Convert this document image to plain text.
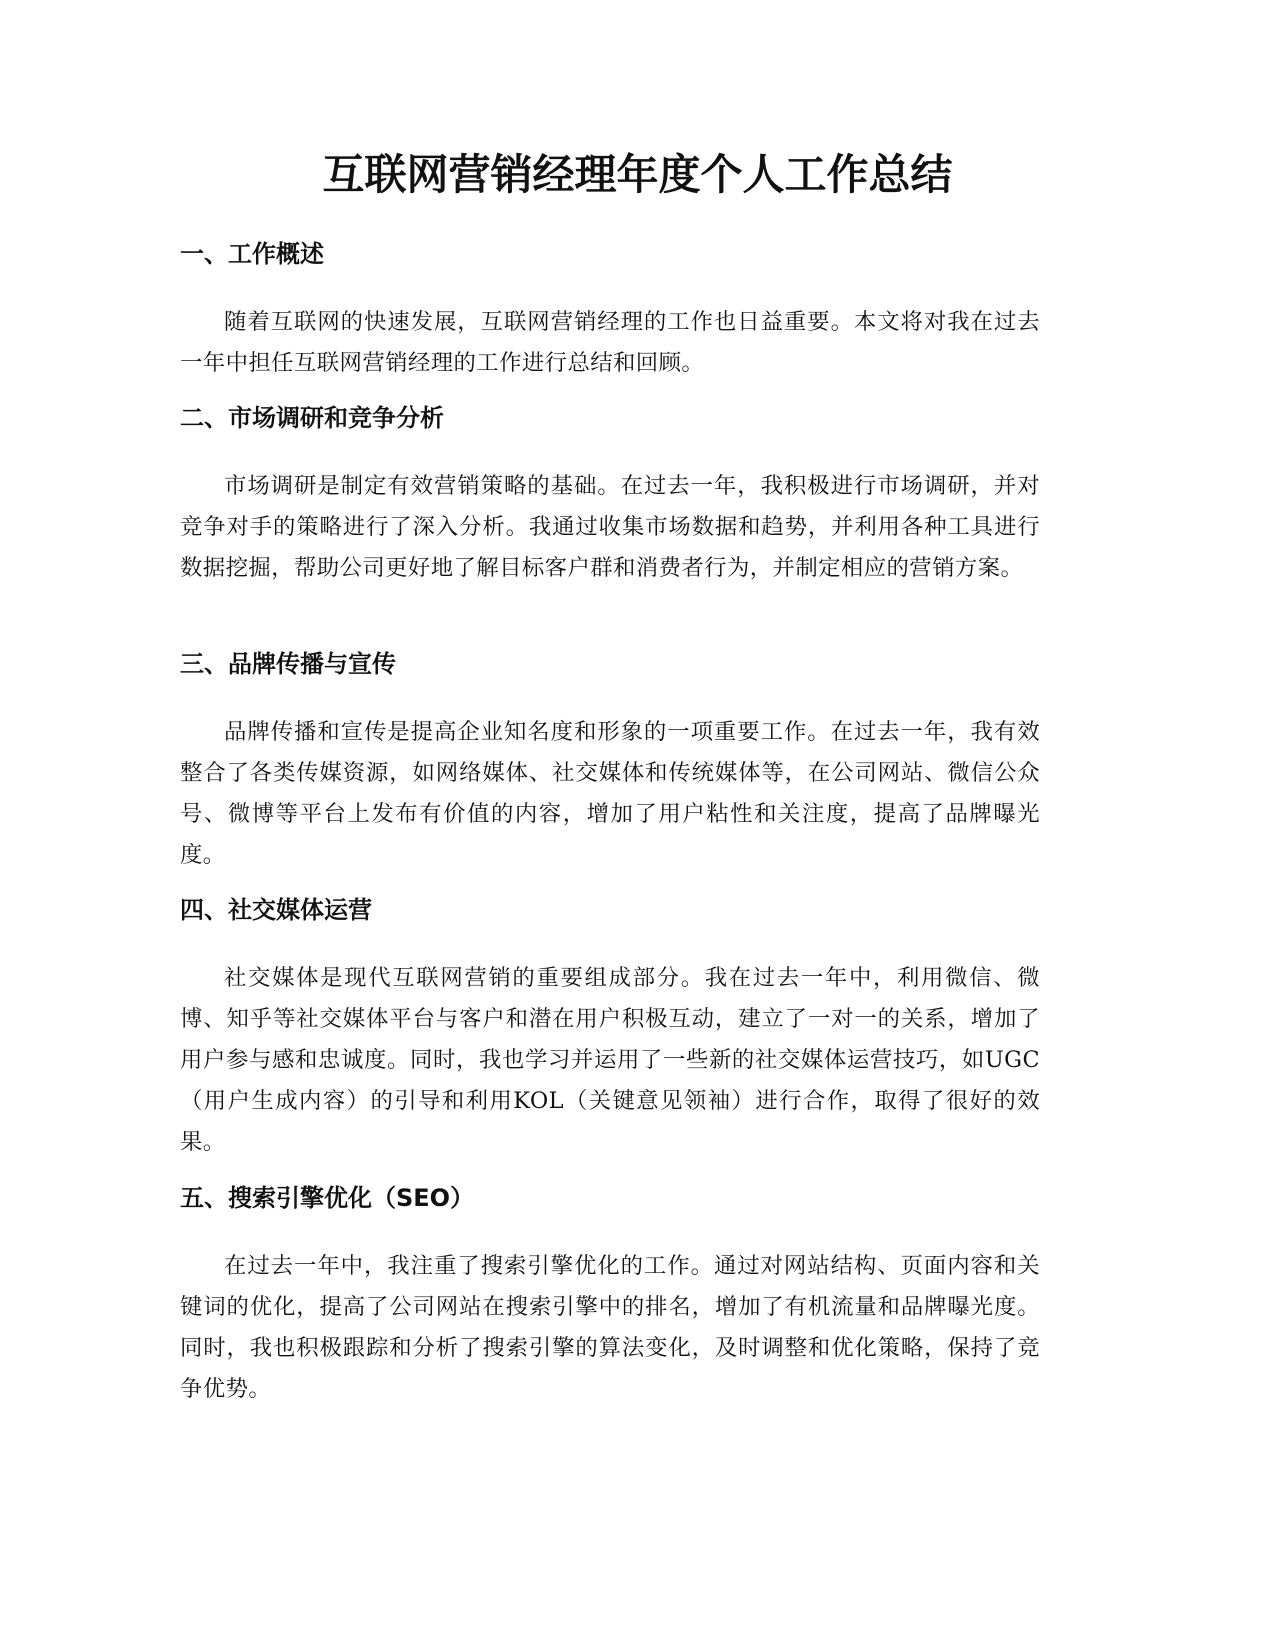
互联网营销经理年度个人工作总结
一、工作概述

随着互联网的快速发展，互联网营销经理的工作也日益重要。本文将对我在过去一年中担任互联网营销经理的工作进行总结和回顾。

二、市场调研和竞争分析

市场调研是制定有效营销策略的基础。在过去一年，我积极进行市场调研，并对竞争对手的策略进行了深入分析。我通过收集市场数据和趋势，并利用各种工具进行数据挖掘，帮助公司更好地了解目标客户群和消费者行为，并制定相应的营销方案。

三、品牌传播与宣传

品牌传播和宣传是提高企业知名度和形象的一项重要工作。在过去一年，我有效整合了各类传媒资源，如网络媒体、社交媒体和传统媒体等，在公司网站、微信公众号、微博等平台上发布有价值的内容，增加了用户粘性和关注度，提高了品牌曝光度。

四、社交媒体运营

社交媒体是现代互联网营销的重要组成部分。我在过去一年中，利用微信、微博、知乎等社交媒体平台与客户和潜在用户积极互动，建立了一对一的关系，增加了用户参与感和忠诚度。同时，我也学习并运用了一些新的社交媒体运营技巧，如UGC（用户生成内容）的引导和利用KOL（关键意见领袖）进行合作，取得了很好的效果。

五、搜索引擎优化（SEO）

在过去一年中，我注重了搜索引擎优化的工作。通过对网站结构、页面内容和关键词的优化，提高了公司网站在搜索引擎中的排名，增加了有机流量和品牌曝光度。同时，我也积极跟踪和分析了搜索引擎的算法变化，及时调整和优化策略，保持了竞争优势。
